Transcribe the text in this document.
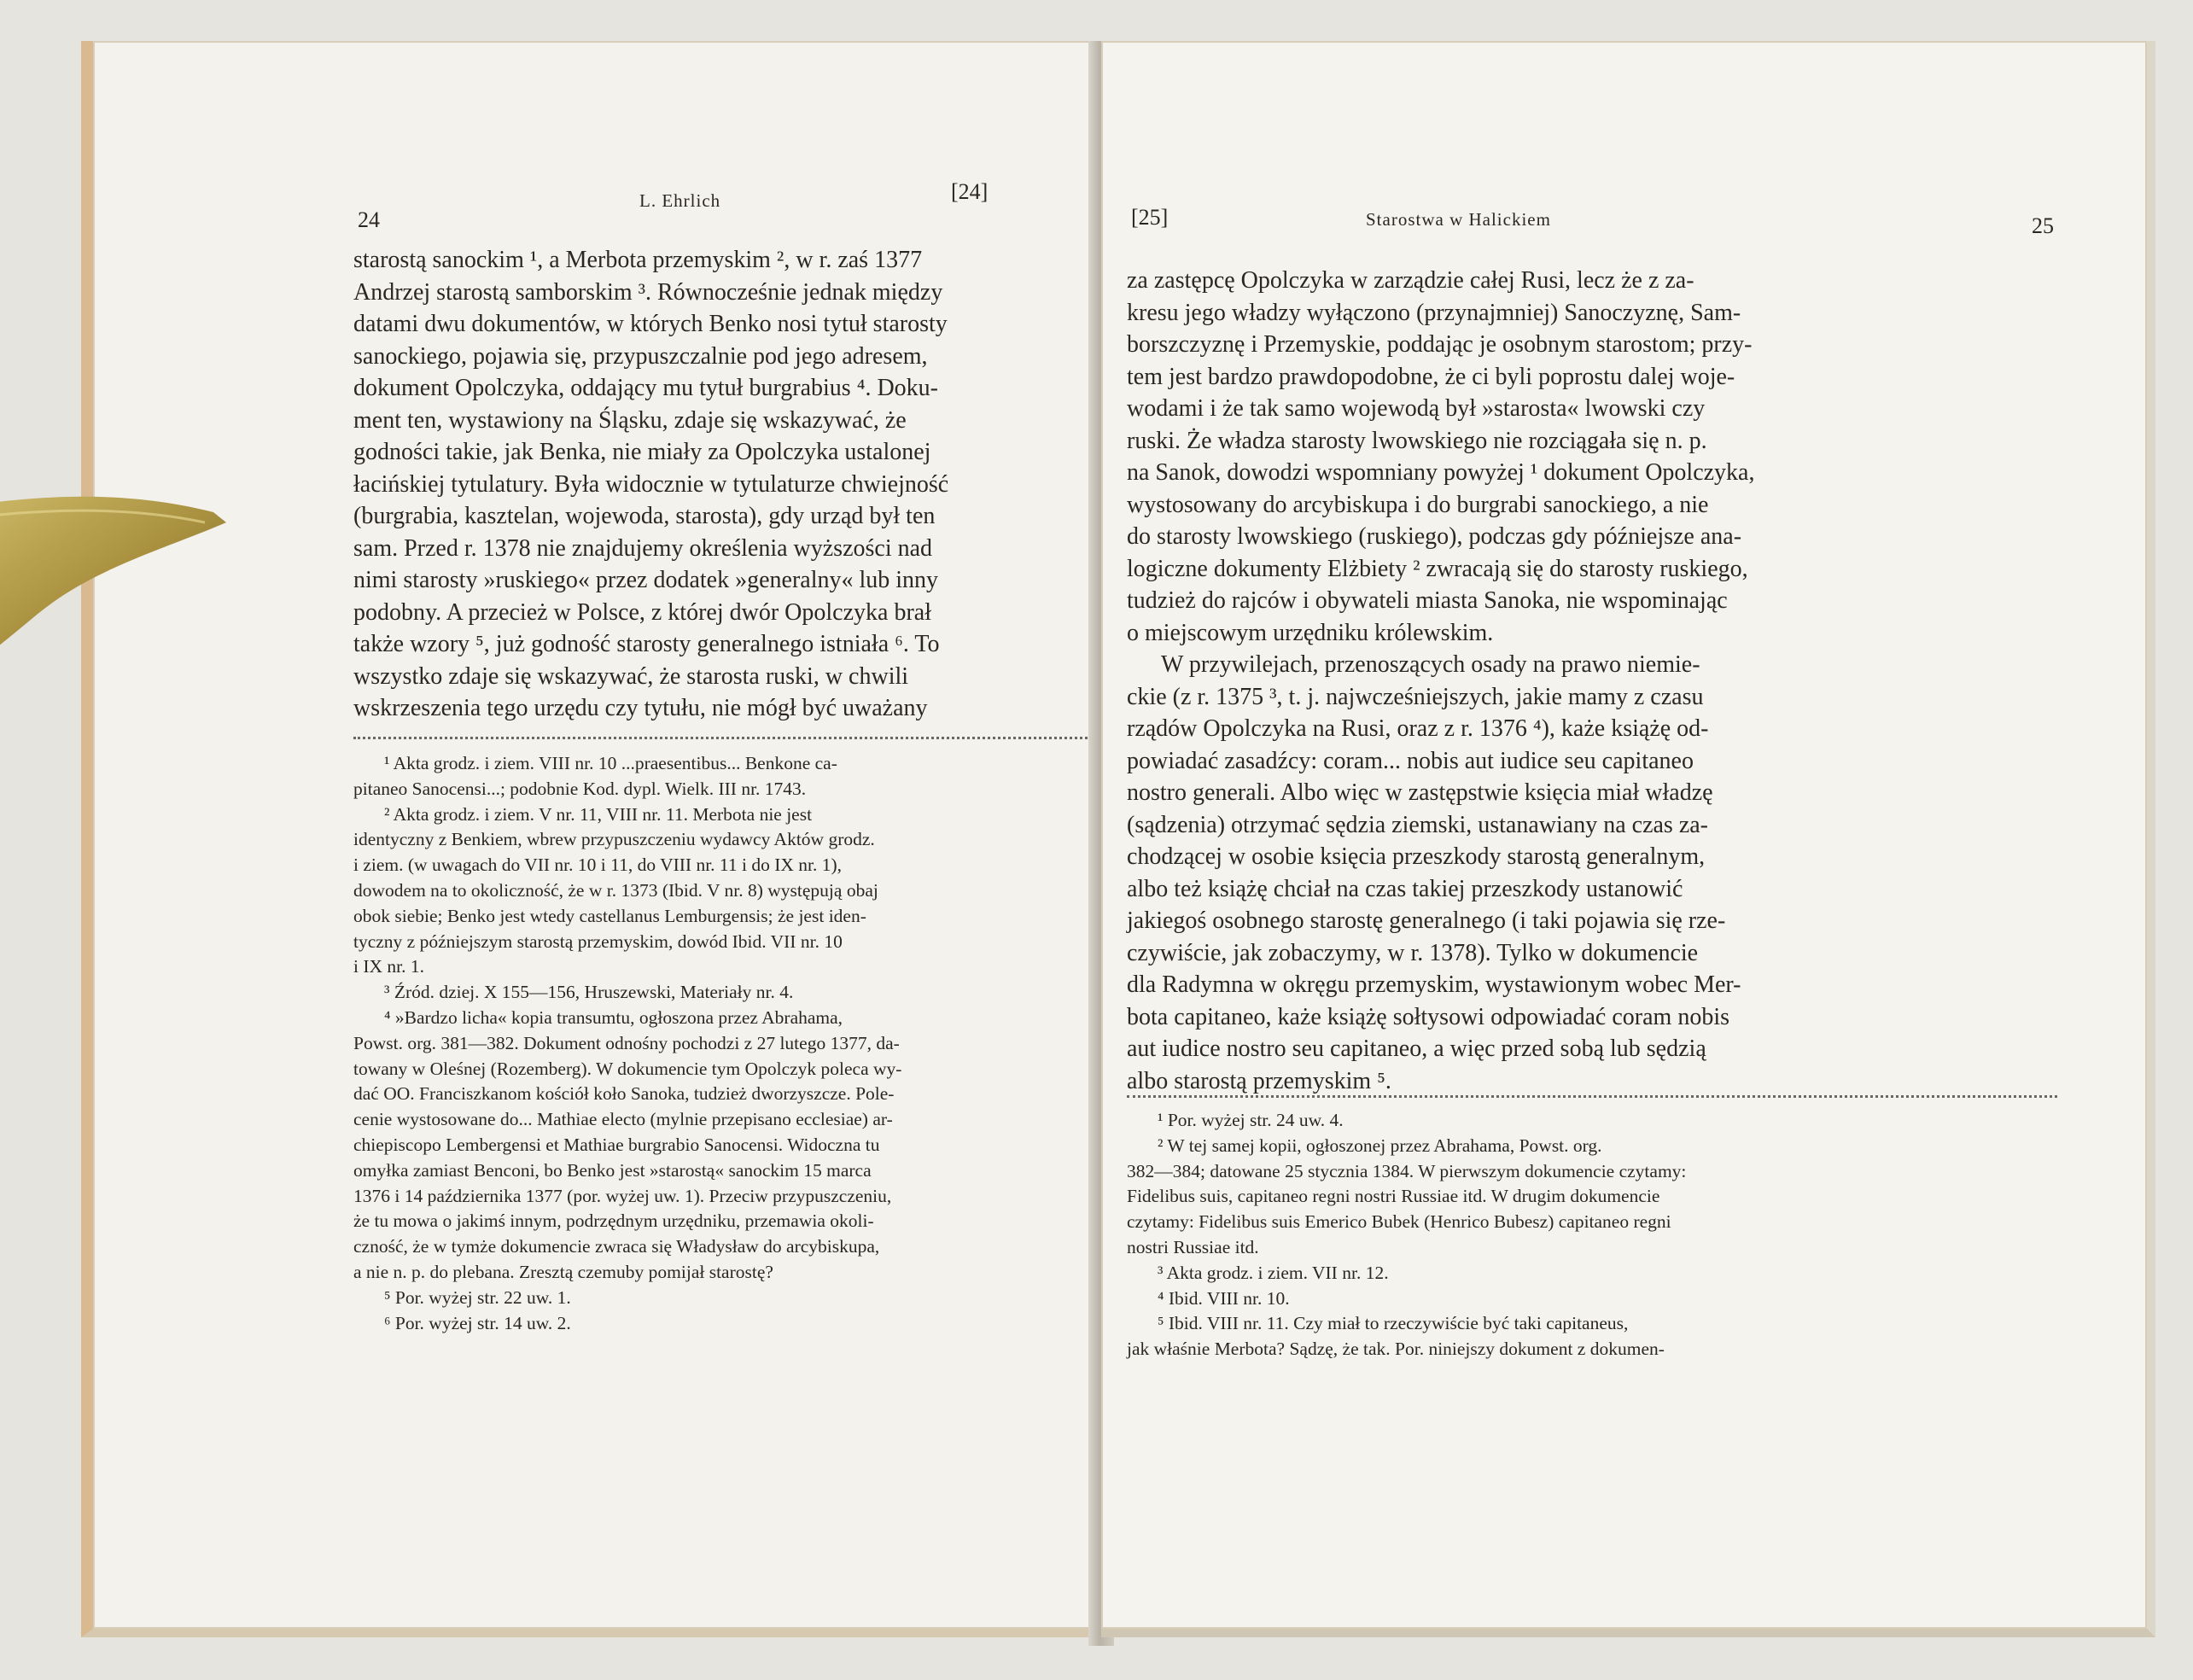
24
L. Ehrlich	[24]

starostą sanockim ¹, a Merbota przemyskim ², w r. zaś 1377

Andrzej starostą samborskim ³. Równocześnie jednak między

datami dwu dokumentów, w których Benko nosi tytuł starosty

sanockiego, pojawia się, przypuszczalnie pod jego adresem,

dokument Opolczyka, oddający mu tytuł burgrabius ⁴. Doku-

ment ten, wystawiony na Śląsku, zdaje się wskazywać, że

godności takie, jak Benka, nie miały za Opolczyka ustalonej

łacińskiej tytulatury. Była widocznie w tytulaturze chwiejność

(burgrabia, kasztelan, wojewoda, starosta), gdy urząd był ten

sam. Przed r. 1378 nie znajdujemy określenia wyższości nad

nimi starosty »ruskiego« przez dodatek »generalny« lub inny

podobny. A przecież w Polsce, z której dwór Opolczyka brał

także wzory ⁵, już godność starosty generalnego istniała ⁶. To

wszystko zdaje się wskazywać, że starosta ruski, w chwili

wskrzeszenia tego urzędu czy tytułu, nie mógł być uważany

¹ Akta grodz. i ziem. VIII nr. 10 ...praesentibus... Benkone ca-

pitaneo Sanocensi...; podobnie Kod. dypl. Wielk. III nr. 1743.

² Akta grodz. i ziem. V nr. 11, VIII nr. 11. Merbota nie jest

identyczny z Benkiem, wbrew przypuszczeniu wydawcy Aktów grodz.

i ziem. (w uwagach do VII nr. 10 i 11, do VIII nr. 11 i do IX nr. 1),

dowodem na to okoliczność, że w r. 1373 (Ibid. V nr. 8) występują obaj

obok siebie; Benko jest wtedy castellanus Lemburgensis; że jest iden-

tyczny z późniejszym starostą przemyskim, dowód Ibid. VII nr. 10

i IX nr. 1.

³ Źród. dziej. X 155—156, Hruszewski, Materiały nr. 4.

⁴ »Bardzo licha« kopia transumtu, ogłoszona przez Abrahama,

Powst. org. 381—382. Dokument odnośny pochodzi z 27 lutego 1377, da-

towany w Oleśnej (Rozemberg). W dokumencie tym Opolczyk poleca wy-

dać OO. Franciszkanom kościół koło Sanoka, tudzież dworzyszcze. Pole-

cenie wystosowane do... Mathiae electo (mylnie przepisano ecclesiae) ar-

chiepiscopo Lembergensi et Mathiae burgrabio Sanocensi. Widoczna tu

omyłka zamiast Benconi, bo Benko jest »starostą« sanockim 15 marca

1376 i 14 października 1377 (por. wyżej uw. 1). Przeciw przypuszczeniu,

że tu mowa o jakimś innym, podrzędnym urzędniku, przemawia okoli-

czność, że w tymże dokumencie zwraca się Władysław do arcybiskupa,

a nie n. p. do plebana. Zresztą czemuby pomijał starostę?

⁵ Por. wyżej str. 22 uw. 1.

⁶ Por. wyżej str. 14 uw. 2.

[25]	Starostwa w Halickiem	25

za zastępcę Opolczyka w zarządzie całej Rusi, lecz że z za-

kresu jego władzy wyłączono (przynajmniej) Sanoczyznę, Sam-

borszczyznę i Przemyskie, poddając je osobnym starostom; przy-

tem jest bardzo prawdopodobne, że ci byli poprostu dalej woje-

wodami i że tak samo wojewodą był »starosta« lwowski czy

ruski. Że władza starosty lwowskiego nie rozciągała się n. p.

na Sanok, dowodzi wspomniany powyżej ¹ dokument Opolczyka,

wystosowany do arcybiskupa i do burgrabi sanockiego, a nie

do starosty lwowskiego (ruskiego), podczas gdy późniejsze ana-

logiczne dokumenty Elżbiety ² zwracają się do starosty ruskiego,

tudzież do rajców i obywateli miasta Sanoka, nie wspominając

o miejscowym urzędniku królewskim.

W przywilejach, przenoszących osady na prawo niemie-

ckie (z r. 1375 ³, t. j. najwcześniejszych, jakie mamy z czasu

rządów Opolczyka na Rusi, oraz z r. 1376 ⁴), każe książę od-

powiadać zasadźcy: coram... nobis aut iudice seu capitaneo

nostro generali. Albo więc w zastępstwie księcia miał władzę

(sądzenia) otrzymać sędzia ziemski, ustanawiany na czas za-

chodzącej w osobie księcia przeszkody starostą generalnym,

albo też książę chciał na czas takiej przeszkody ustanowić

jakiegoś osobnego starostę generalnego (i taki pojawia się rze-

czywiście, jak zobaczymy, w r. 1378). Tylko w dokumencie

dla Radymna w okręgu przemyskim, wystawionym wobec Mer-

bota capitaneo, każe książę sołtysowi odpowiadać coram nobis

aut iudice nostro seu capitaneo, a więc przed sobą lub sędzią

albo starostą przemyskim ⁵.

¹ Por. wyżej str. 24 uw. 4.

² W tej samej kopii, ogłoszonej przez Abrahama, Powst. org.

382—384; datowane 25 stycznia 1384. W pierwszym dokumencie czytamy:

Fidelibus suis, capitaneo regni nostri Russiae itd. W drugim dokumencie

czytamy: Fidelibus suis Emerico Bubek (Henrico Bubesz) capitaneo regni

nostri Russiae itd.

³ Akta grodz. i ziem. VII nr. 12.

⁴ Ibid. VIII nr. 10.

⁵ Ibid. VIII nr. 11. Czy miał to rzeczywiście być taki capitaneus,

jak właśnie Merbota? Sądzę, że tak. Por. niniejszy dokument z dokumen-
